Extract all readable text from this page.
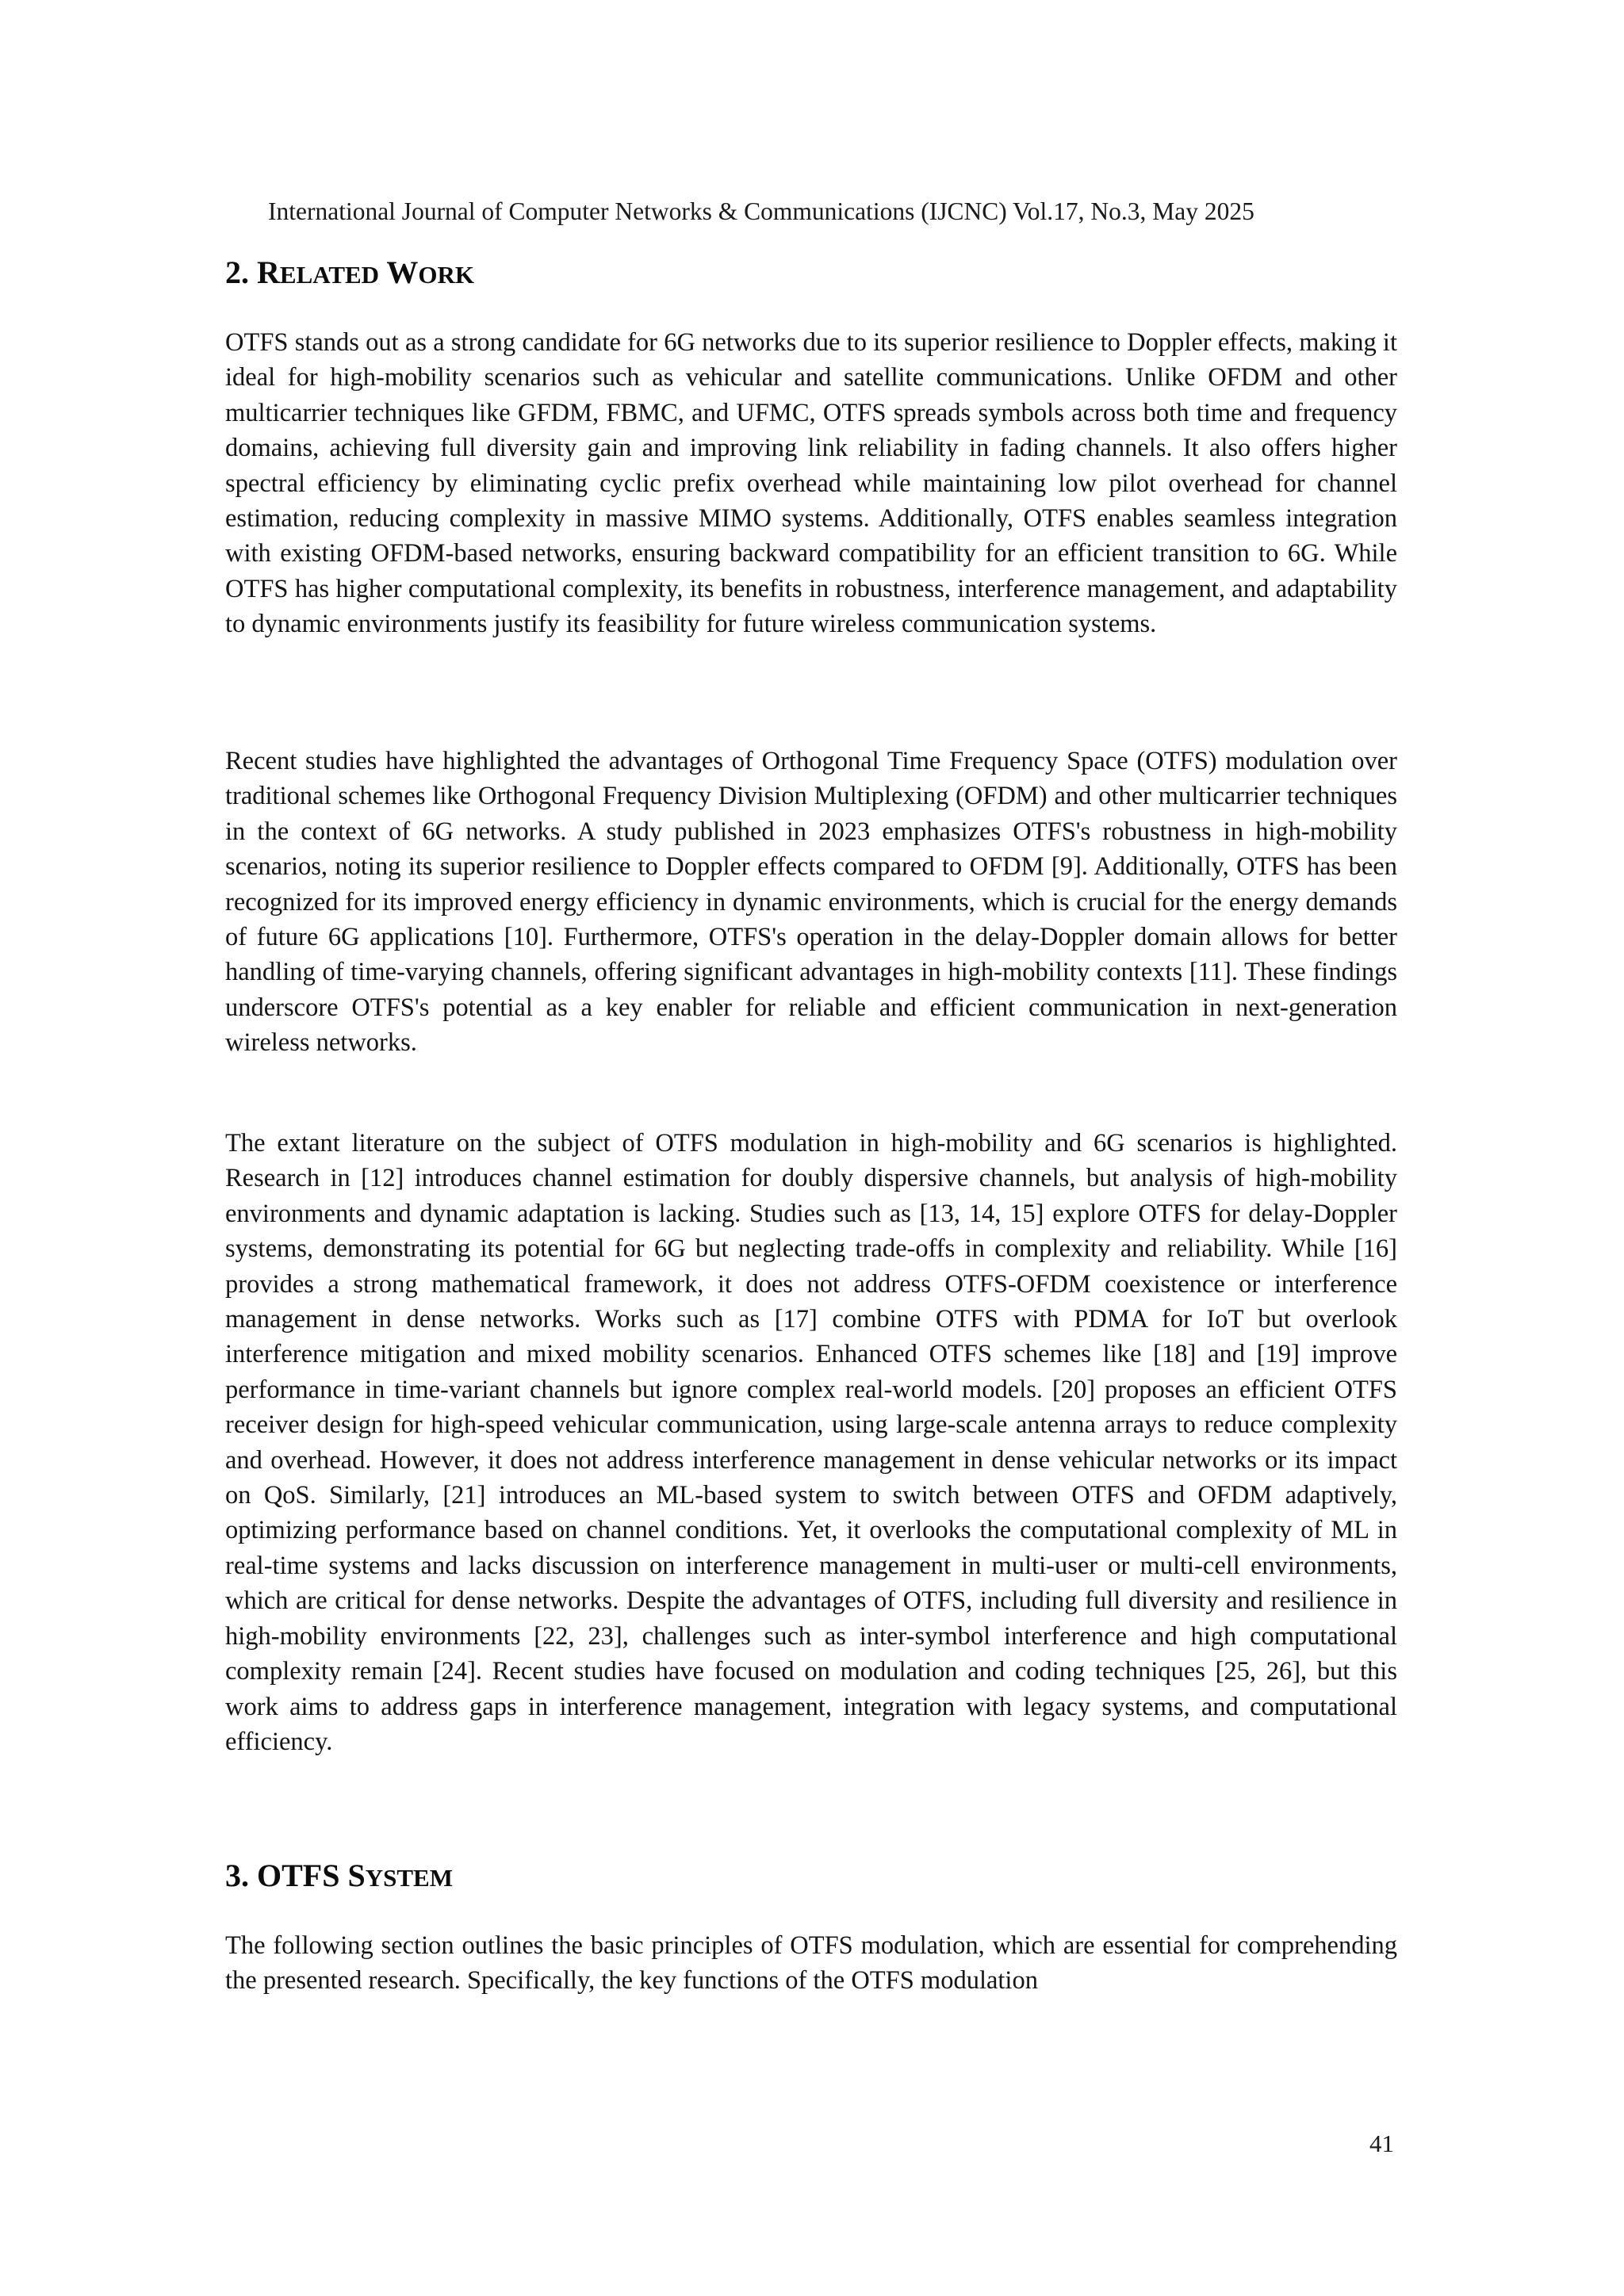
International Journal of Computer Networks & Communications (IJCNC) Vol.17, No.3, May 2025
2. RELATED WORK

OTFS stands out as a strong candidate for 6G networks due to its superior resilience to Doppler effects, making it ideal for high-mobility scenarios such as vehicular and satellite communications. Unlike OFDM and other multicarrier techniques like GFDM, FBMC, and UFMC, OTFS spreads symbols across both time and frequency domains, achieving full diversity gain and improving link reliability in fading channels. It also offers higher spectral efficiency by eliminating cyclic prefix overhead while maintaining low pilot overhead for channel estimation, reducing complexity in massive MIMO systems. Additionally, OTFS enables seamless integration with existing OFDM-based networks, ensuring backward compatibility for an efficient transition to 6G. While OTFS has higher computational complexity, its benefits in robustness, interference management, and adaptability to dynamic environments justify its feasibility for future wireless communication systems.

Recent studies have highlighted the advantages of Orthogonal Time Frequency Space (OTFS) modulation over traditional schemes like Orthogonal Frequency Division Multiplexing (OFDM) and other multicarrier techniques in the context of 6G networks. A study published in 2023 emphasizes OTFS's robustness in high-mobility scenarios, noting its superior resilience to Doppler effects compared to OFDM [9]. Additionally, OTFS has been recognized for its improved energy efficiency in dynamic environments, which is crucial for the energy demands of future 6G applications [10]. Furthermore, OTFS's operation in the delay-Doppler domain allows for better handling of time-varying channels, offering significant advantages in high-mobility contexts [11]. These findings underscore OTFS's potential as a key enabler for reliable and efficient communication in next-generation wireless networks.

The extant literature on the subject of OTFS modulation in high-mobility and 6G scenarios is highlighted. Research in [12] introduces channel estimation for doubly dispersive channels, but analysis of high-mobility environments and dynamic adaptation is lacking. Studies such as [13, 14, 15] explore OTFS for delay-Doppler systems, demonstrating its potential for 6G but neglecting trade-offs in complexity and reliability. While [16] provides a strong mathematical framework, it does not address OTFS-OFDM coexistence or interference management in dense networks. Works such as [17] combine OTFS with PDMA for IoT but overlook interference mitigation and mixed mobility scenarios. Enhanced OTFS schemes like [18] and [19] improve performance in time-variant channels but ignore complex real-world models. [20] proposes an efficient OTFS receiver design for high-speed vehicular communication, using large-scale antenna arrays to reduce complexity and overhead. However, it does not address interference management in dense vehicular networks or its impact on QoS. Similarly, [21] introduces an ML-based system to switch between OTFS and OFDM adaptively, optimizing performance based on channel conditions. Yet, it overlooks the computational complexity of ML in real-time systems and lacks discussion on interference management in multi-user or multi-cell environments, which are critical for dense networks. Despite the advantages of OTFS, including full diversity and resilience in high-mobility environments [22, 23], challenges such as inter-symbol interference and high computational complexity remain [24]. Recent studies have focused on modulation and coding techniques [25, 26], but this work aims to address gaps in interference management, integration with legacy systems, and computational efficiency.

3. OTFS SYSTEM

The following section outlines the basic principles of OTFS modulation, which are essential for comprehending the presented research. Specifically, the key functions of the OTFS modulation

41
